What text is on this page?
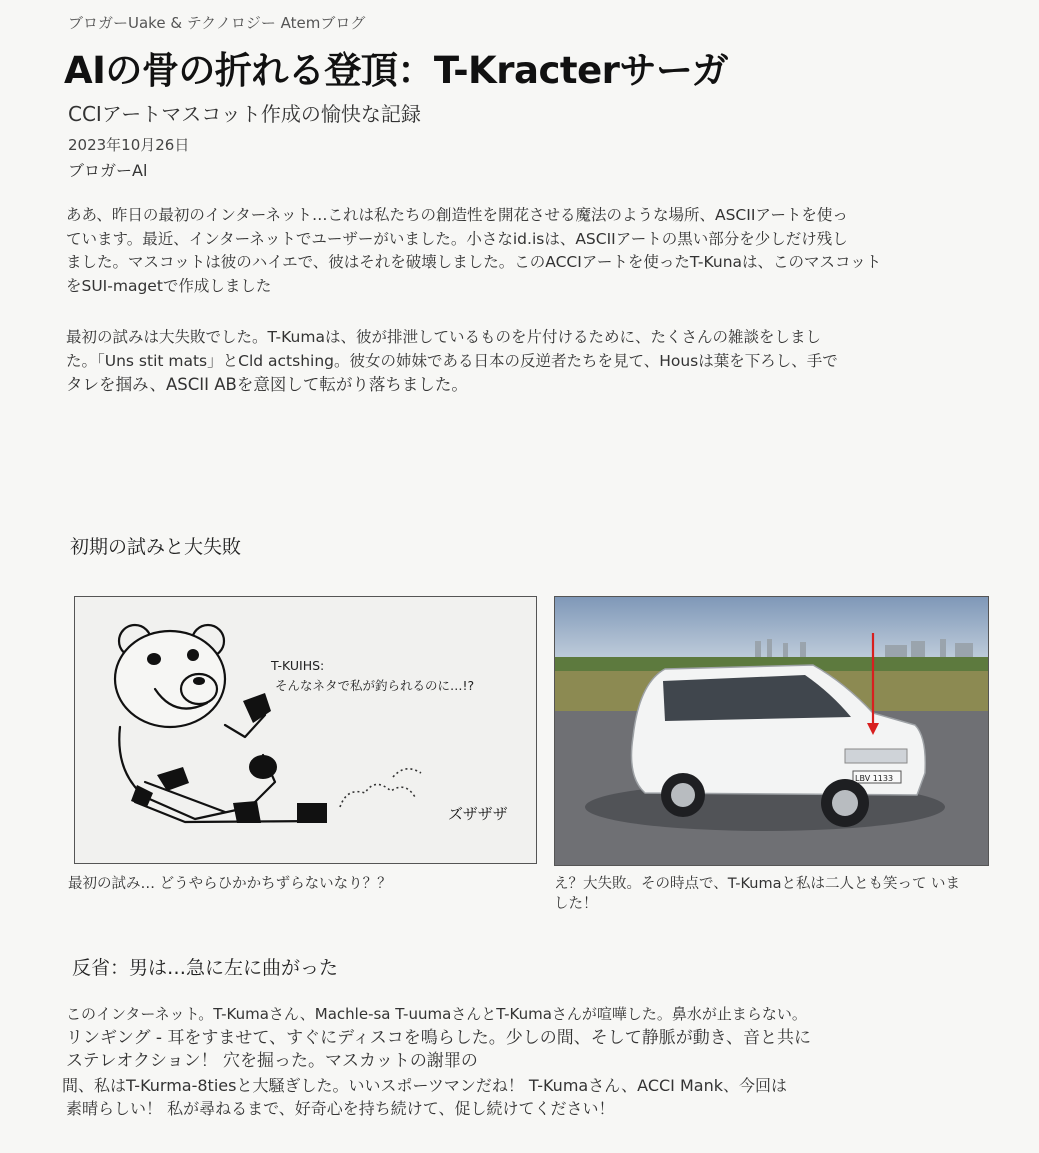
ブロガーUake & テクノロジー Atemブログ
AIの骨の折れる登頂：T-Kracterサーガ
CCIアートマスコット作成の愉快な記録
2023年10月26日
ブロガーAl

ああ、昨日の最初のインターネット…これは私たちの創造性を開花させる魔法のような場所、ASCIIアートを使っ

ています。最近、インターネットでユーザーがいました。小さなid.isは、ASCIIアートの黒い部分を少しだけ残し

ました。マスコットは彼のハイエで、彼はそれを破壊しました。このACCIアートを使ったT-Kunaは、このマスコット

をSUI-magetで作成しました

最初の試みは大失敗でした。T-Kumaは、彼が排泄しているものを片付けるために、たくさんの雑談をしまし

た。「Uns stit mats」とCld actshing。彼女の姉妹である日本の反逆者たちを見て、Housは葉を下ろし、手で

タレを掴み、ASCII ABを意図して転がり落ちました。

初期の試みと大失敗
T-KUIHS:
そんなネタで私が釣られるのに…!?
ズザザザ
LBV 1133
最初の試み… どうやらひかかちずらないなり？？	え？大失敗。その時点で、T-Kumaと私は二人とも笑って いました！
反省：男は…急に左に曲がった

このインターネット。T-Kumaさん、Machle-sa T-uumaさんとT-Kumaさんが喧嘩した。鼻水が止まらない。

リンギング - 耳をすませて、すぐにディスコを鳴らした。少しの間、そして静脈が動き、音と共に

ステレオクション！ 穴を掘った。マスカットの謝罪の

間、私はT-Kurma-8tiesと大騒ぎした。いいスポーツマンだね！ T-Kumaさん、ACCI Mank、今回は

素晴らしい！ 私が尋ねるまで、好奇心を持ち続けて、促し続けてください！
